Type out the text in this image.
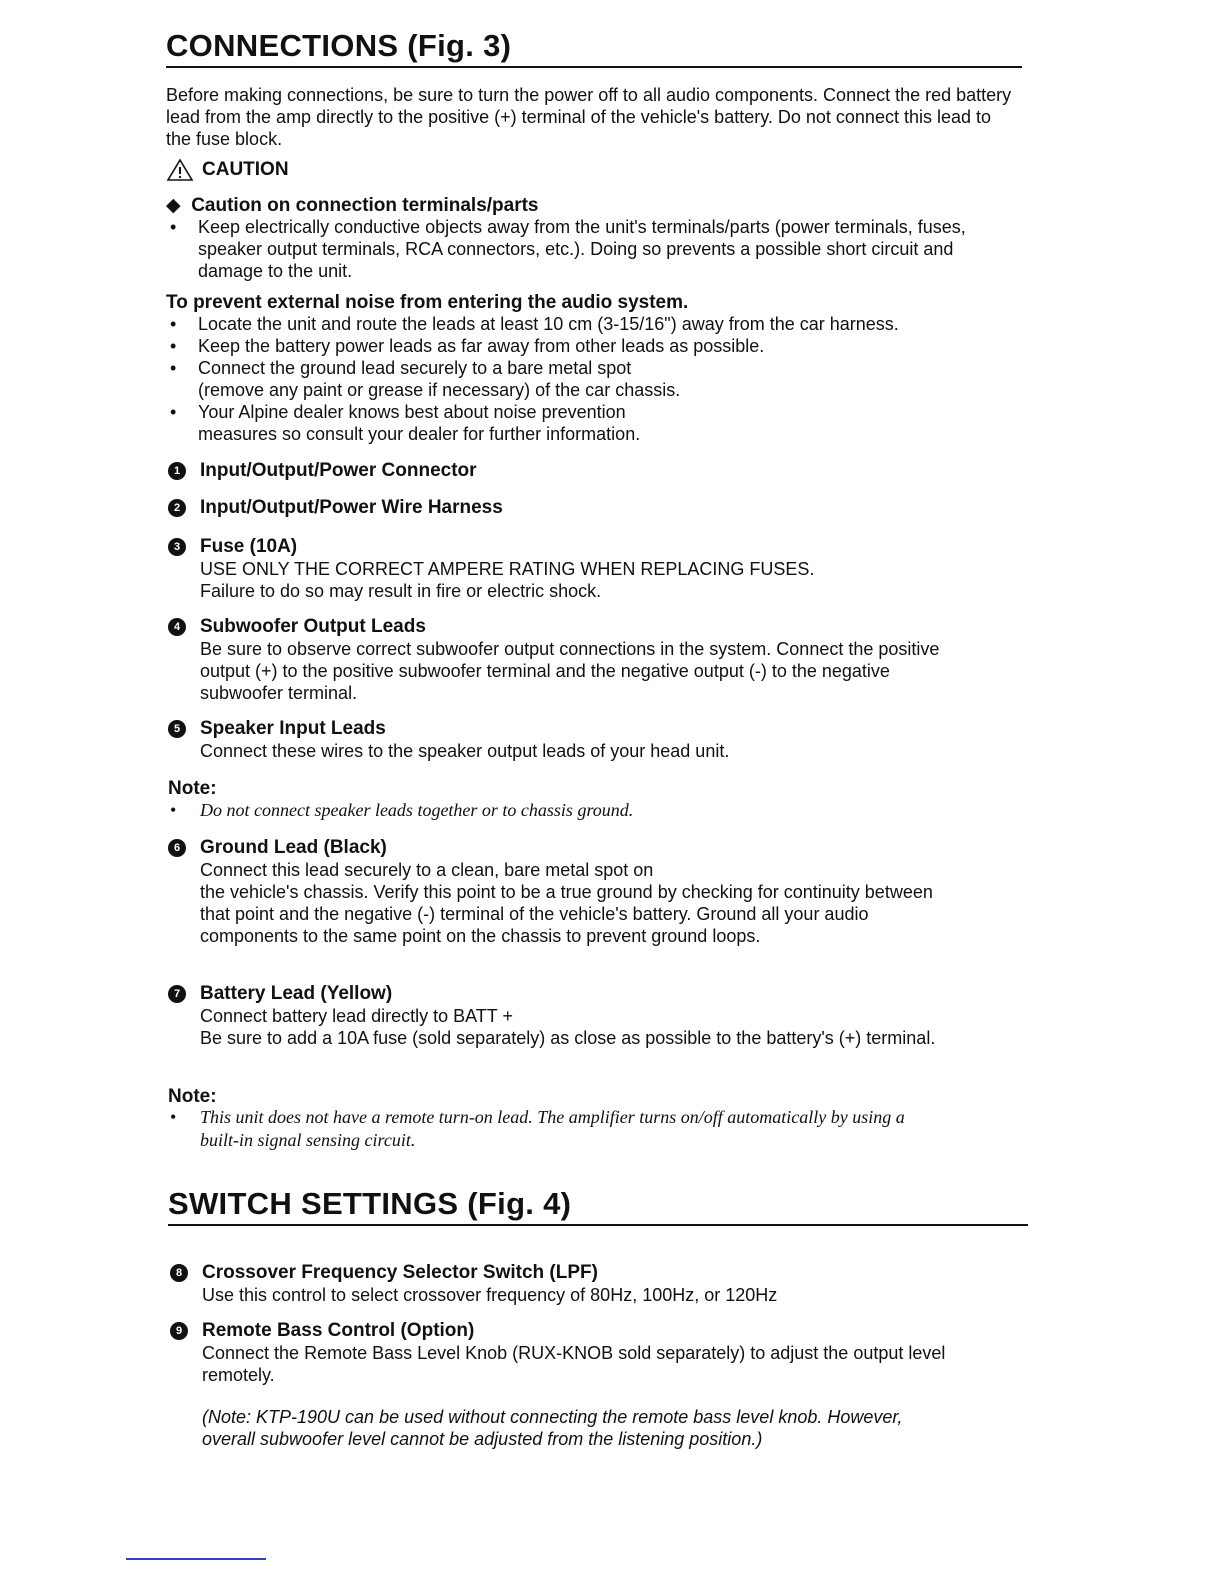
CONNECTIONS (Fig. 3)

Before making connections, be sure to turn the power off to all audio components. Connect the red battery lead from the amp directly to the positive (+) terminal of the vehicle's battery. Do not connect this lead to the fuse block.

CAUTION
◆ Caution on connection terminals/parts
• Keep electrically conductive objects away from the unit's terminals/parts (power terminals, fuses, speaker output terminals, RCA connectors, etc.). Doing so prevents a possible short circuit and damage to the unit.
To prevent external noise from entering the audio system.
• Locate the unit and route the leads at least 10 cm (3-15/16") away from the car harness.
• Keep the battery power leads as far away from other leads as possible.
• Connect the ground lead securely to a bare metal spot
(remove any paint or grease if necessary) of the car chassis.
• Your Alpine dealer knows best about noise prevention
measures so consult your dealer for further information.
1	Input/Output/Power Connector
2	Input/Output/Power Wire Harness
3	Fuse (10A)
USE ONLY THE CORRECT AMPERE RATING WHEN REPLACING FUSES.
Failure to do so may result in fire or electric shock.
4	Subwoofer Output Leads
Be sure to observe correct subwoofer output connections in the system. Connect the positive
output (+) to the positive subwoofer terminal and the negative output (-) to the negative
subwoofer terminal.
5	Speaker Input Leads
Connect these wires to the speaker output leads of your head unit.
Note:
• Do not connect speaker leads together or to chassis ground.
6	Ground Lead (Black)
Connect this lead securely to a clean, bare metal spot on
the vehicle's chassis. Verify this point to be a true ground by checking for continuity between
that point and the negative (-) terminal of the vehicle's battery. Ground all your audio
components to the same point on the chassis to prevent ground loops.
7	Battery Lead (Yellow)
Connect battery lead directly to BATT +
Be sure to add a 10A fuse (sold separately) as close as possible to the battery's (+) terminal.
Note:
• This unit does not have a remote turn-on lead. The amplifier turns on/off automatically by using a
built-in signal sensing circuit.
SWITCH SETTINGS (Fig. 4)
8	Crossover Frequency Selector Switch (LPF)
Use this control to select crossover frequency of 80Hz, 100Hz, or 120Hz
9	Remote Bass Control (Option)
Connect the Remote Bass Level Knob (RUX-KNOB sold separately) to adjust the output level
remotely.
(Note: KTP-190U can be used without connecting the remote bass level knob. However,
overall subwoofer level cannot be adjusted from the listening position.)
